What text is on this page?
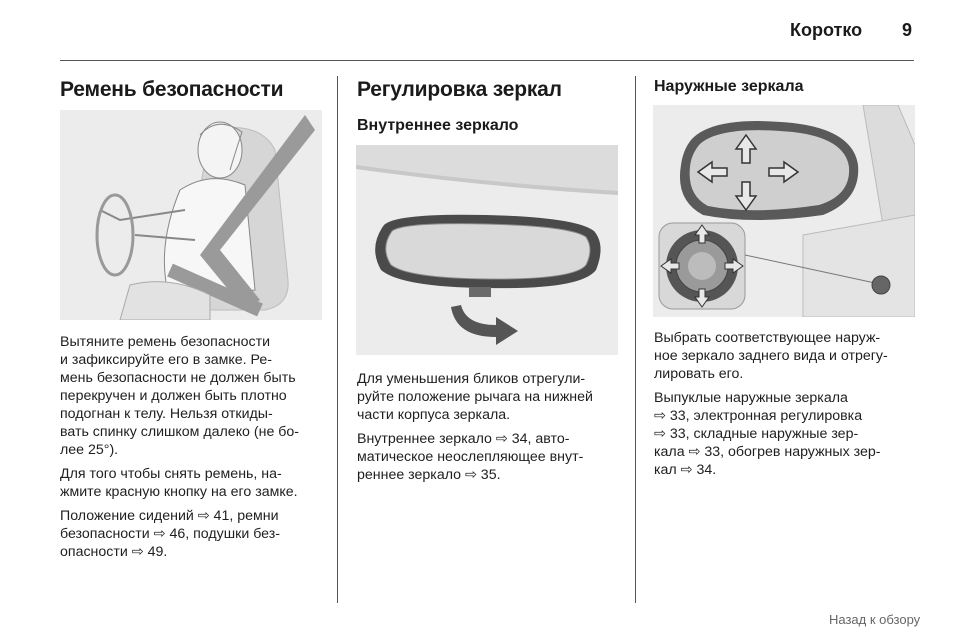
Коротко 9
Ремень безопасности

Вытяните ремень безопасности
и зафиксируйте его в замке. Ре-
мень безопасности не должен быть
перекручен и должен быть плотно
подогнан к телу. Нельзя откиды-
вать спинку слишком далеко (не бо-
лее 25°).

Для того чтобы снять ремень, на-
жмите красную кнопку на его замке.

Положение сидений ⇨ 41, ремни
безопасности ⇨ 46, подушки без-
опасности ⇨ 49.

Регулировка зеркал
Внутреннее зеркало

Для уменьшения бликов отрегули-
руйте положение рычага на нижней
части корпуса зеркала.

Внутреннее зеркало ⇨ 34, авто-
матическое неослепляющее внут-
реннее зеркало ⇨ 35.

Наружные зеркала

Выбрать соответствующее наруж-
ное зеркало заднего вида и отрегу-
лировать его.

Выпуклые наружные зеркала
⇨ 33, электронная регулировка
⇨ 33, складные наружные зер-
кала ⇨ 33, обогрев наружных зер-
кал ⇨ 34.

Назад к обзору
